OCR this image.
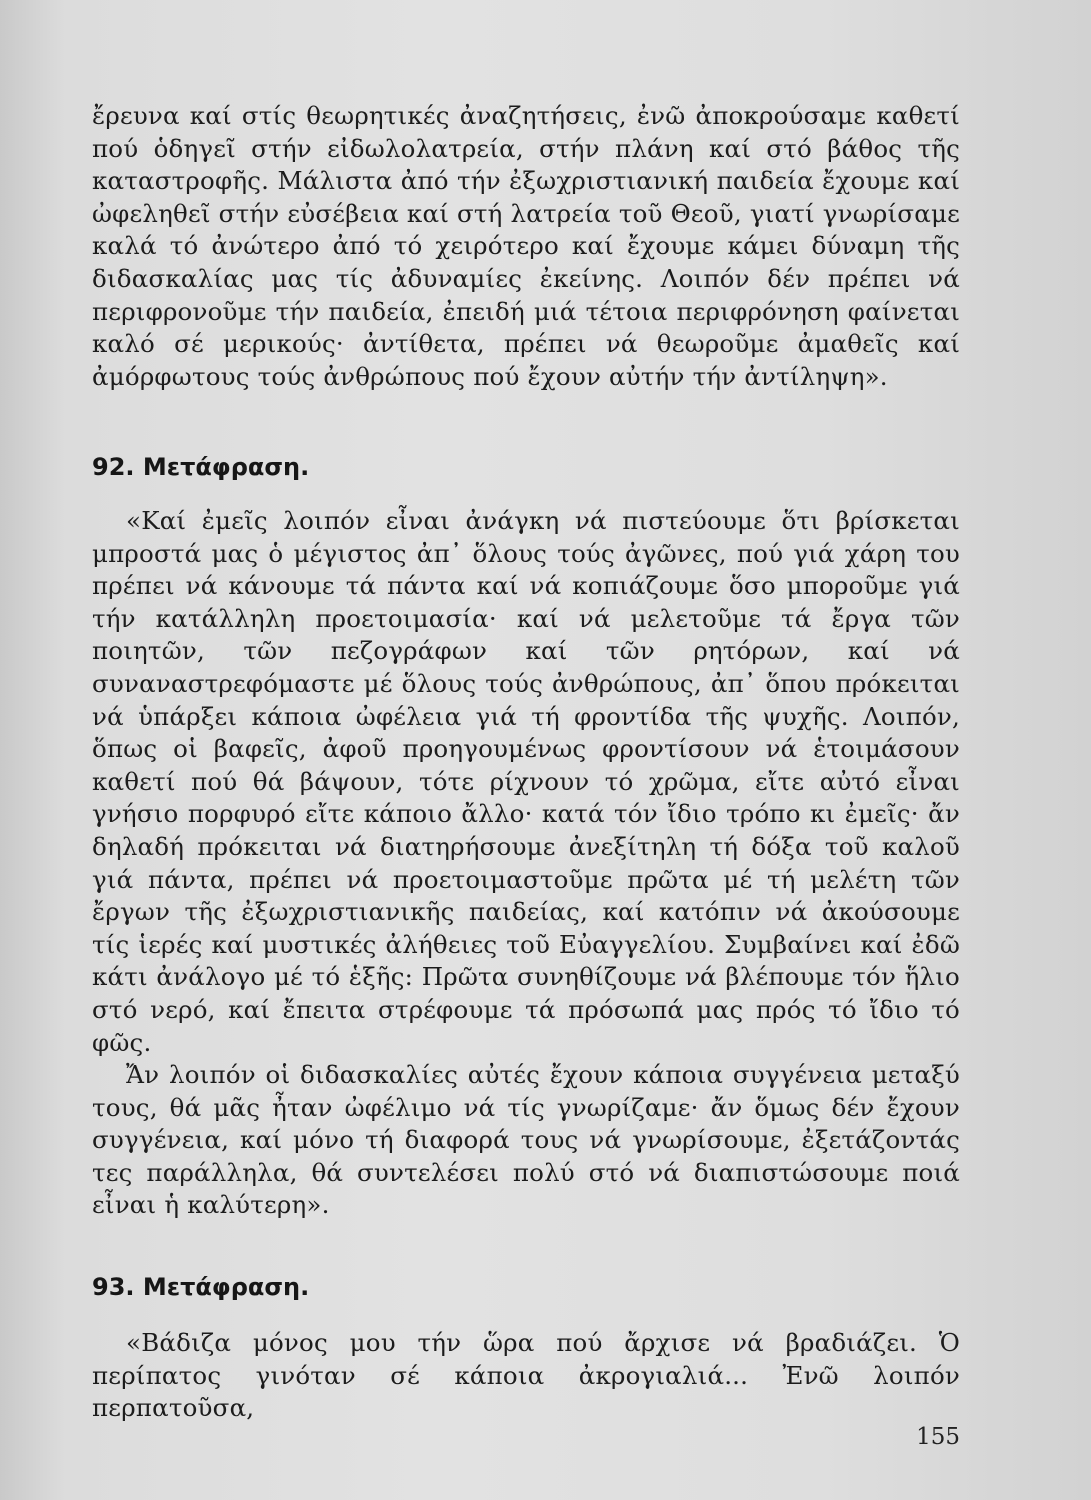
ἔρευνα καί στίς θεωρητικές ἀναζητήσεις, ἐνῶ ἀποκρούσαμε καθετί πού ὁδηγεῖ στήν εἰδωλολατρεία, στήν πλάνη καί στό βάθος τῆς καταστροφῆς. Μάλιστα ἀπό τήν ἐξωχριστιανική παιδεία ἔχουμε καί ὠφεληθεῖ στήν εὐσέβεια καί στή λατρεία τοῦ Θεοῦ, γιατί γνωρίσαμε καλά τό ἀνώτερο ἀπό τό χειρότερο καί ἔχουμε κάμει δύναμη τῆς διδασκαλίας μας τίς ἀδυναμίες ἐκείνης. Λοιπόν δέν πρέπει νά περιφρονοῦμε τήν παιδεία, ἐπειδή μιά τέτοια περιφρόνηση φαίνεται καλό σέ μερικούς· ἀντίθετα, πρέπει νά θεωροῦμε ἀμαθεῖς καί ἀμόρφωτους τούς ἀνθρώπους πού ἔχουν αὐτήν τήν ἀντίληψη».

92. Μετάφραση.

«Καί ἐμεῖς λοιπόν εἶναι ἀνάγκη νά πιστεύουμε ὅτι βρίσκεται μπροστά μας ὁ μέγιστος ἀπ᾽ ὅλους τούς ἀγῶνες, πού γιά χάρη του πρέπει νά κάνουμε τά πάντα καί νά κοπιάζουμε ὅσο μποροῦμε γιά τήν κατάλληλη προετοιμασία· καί νά μελετοῦμε τά ἔργα τῶν ποιητῶν, τῶν πεζογράφων καί τῶν ρητόρων, καί νά συναναστρεφόμαστε μέ ὅλους τούς ἀνθρώπους, ἀπ᾽ ὅπου πρόκειται νά ὑπάρξει κάποια ὠφέλεια γιά τή φροντίδα τῆς ψυχῆς. Λοιπόν, ὅπως οἱ βαφεῖς, ἀφοῦ προηγουμένως φροντίσουν νά ἑτοιμάσουν καθετί πού θά βάψουν, τότε ρίχνουν τό χρῶμα, εἴτε αὐτό εἶναι γνήσιο πορφυρό εἴτε κάποιο ἄλλο· κατά τόν ἴδιο τρόπο κι ἐμεῖς· ἄν δηλαδή πρόκειται νά διατηρήσουμε ἀνεξίτηλη τή δόξα τοῦ καλοῦ γιά πάντα, πρέπει νά προετοιμαστοῦμε πρῶτα μέ τή μελέτη τῶν ἔργων τῆς ἐξωχριστιανικῆς παιδείας, καί κατόπιν νά ἀκούσουμε τίς ἱερές καί μυστικές ἀλήθειες τοῦ Εὐαγγελίου. Συμβαίνει καί ἐδῶ κάτι ἀνάλογο μέ τό ἑξῆς: Πρῶτα συνηθίζουμε νά βλέπουμε τόν ἥλιο στό νερό, καί ἔπειτα στρέφουμε τά πρόσωπά μας πρός τό ἴδιο τό φῶς.

Ἄν λοιπόν οἱ διδασκαλίες αὐτές ἔχουν κάποια συγγένεια μεταξύ τους, θά μᾶς ἦταν ὠφέλιμο νά τίς γνωρίζαμε· ἄν ὅμως δέν ἔχουν συγγένεια, καί μόνο τή διαφορά τους νά γνωρίσουμε, ἐξετάζοντάς τες παράλληλα, θά συντελέσει πολύ στό νά διαπιστώσουμε ποιά εἶναι ἡ καλύτερη».

93. Μετάφραση.

«Βάδιζα μόνος μου τήν ὥρα πού ἄρχισε νά βραδιάζει. Ὁ περίπατος γινόταν σέ κάποια ἀκρογιαλιά... Ἐνῶ λοιπόν περπατοῦσα,

155
